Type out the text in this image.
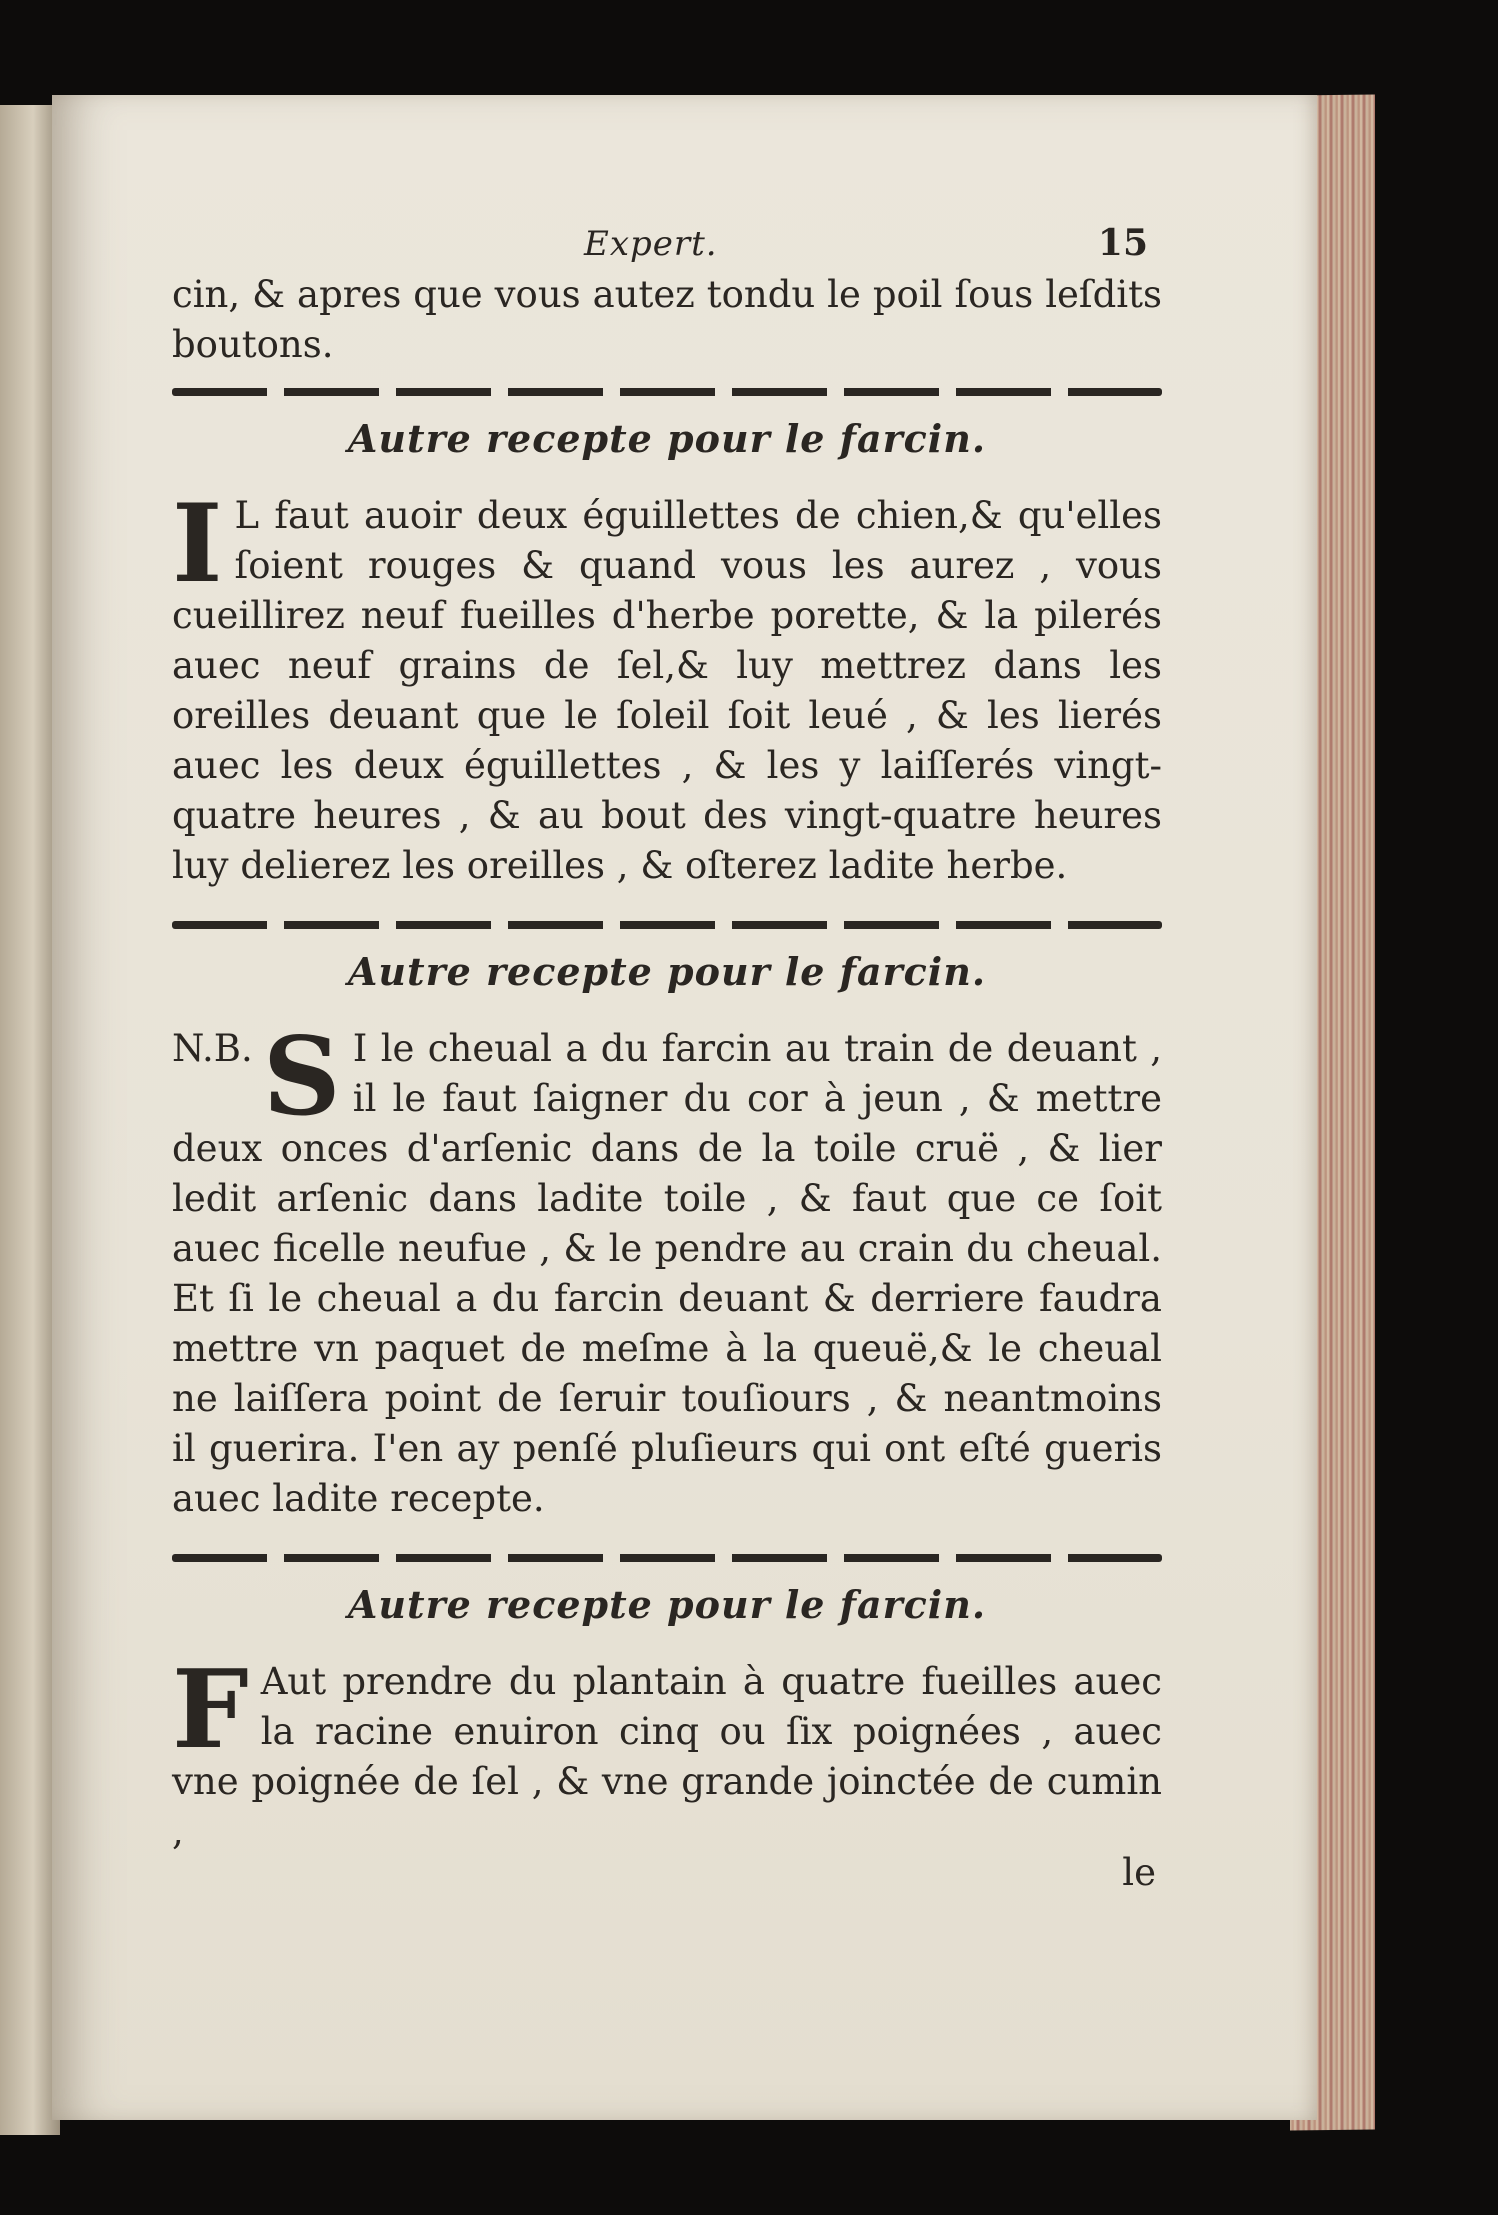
Expert.	15

cin, & apres que vous autez tondu le poil ſous leſdits boutons.

Autre recepte pour le farcin.

I L faut auoir deux éguillettes de chien,& qu'elles ſoient rouges & quand vous les aurez , vous cueillirez neuf fueilles d'herbe porette, & la pilerés auec neuf grains de ſel,& luy mettrez dans les oreilles deuant que le ſoleil ſoit leué , & les lierés auec les deux éguillettes , & les y laiſſerés vingt-quatre heures , & au bout des vingt-quatre heures luy delierez les oreilles , & oſterez ladite herbe.

Autre recepte pour le farcin.

N.B. S I le cheual a du farcin au train de deuant , il le faut ſaigner du cor à jeun , & mettre deux onces d'arſenic dans de la toile cruë , & lier ledit arſenic dans ladite toile , & faut que ce ſoit auec ficelle neufue , & le pendre au crain du cheual. Et ſi le cheual a du farcin deuant & derriere faudra mettre vn paquet de meſme à la queuë,& le cheual ne laiſſera point de ſeruir touſiours , & neantmoins il guerira. I'en ay penſé pluſieurs qui ont eſté gueris auec ladite recepte.

Autre recepte pour le farcin.

F Aut prendre du plantain à quatre fueilles auec la racine enuiron cinq ou ſix poignées , auec vne poignée de ſel , & vne grande joinctée de cumin ,

le
